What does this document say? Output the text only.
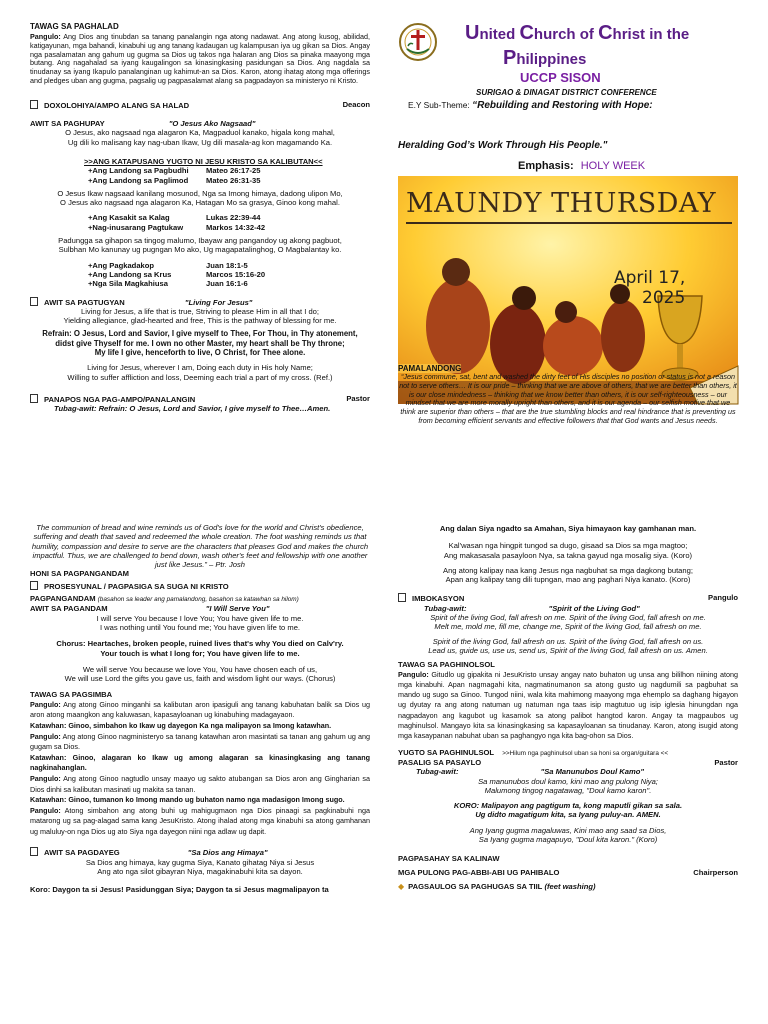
TAWAG SA PAGHALAD
Pangulo: Ang Dios ang tinubdan sa tanang panalangin nga atong nadawat. Ang atong kusog, abilidad, katigayunan, mga bahandi, kinabuhi ug ang tanang kadaugan ug kalampusan iya ug gikan sa Dios. Angay nga pasalamatan ang gahum ug gugma sa Dios ug takos nga halaran ang Dios sa pinaka maayong mga butang. Ang nagahalad sa iyang kaugalingon sa kinasingkasing pasidungan sa Dios. Ang nagdala sa tinudanay sa iyang Ikapulo panalanginan ug kahimut-an sa Dios. Karon, atong ihatag atong mga offerings and pledges uban ang gugma, pagsalig ug pagpasalamat alang sa pagpadayon sa ministeryo ni Kristo.
DOXOLOHIYA/AMPO ALANG SA HALAD	Deacon
AWIT SA PAGHUPAY	"O Jesus Ako Nagsaad"
O Jesus, ako nagsaad nga alagaron Ka, Magpaduol kanako, higala kong mahal,
Ug dili ko malisang kay nag-uban Ikaw, Ug dili masala-ag kon magamando Ka.
>>ANG KATAPUSANG YUGTO NI JESU KRISTO SA KALIBUTAN<<
+Ang Landong sa Pagbudhi Mateo 26:17-25
+Ang Landong sa Paglimod Mateo 26:31-35
O Jesus Ikaw nagsaad kanilang mosunod, Nga sa Imong himaya, dadong ulipon Mo,
O Jesus ako nagsaad nga alagaron Ka, Hatagan Mo sa grasya, Ginoo kong mahal.
+Ang Kasakit sa Kalag	Lukas 22:39-44
+Nag-inusarang Pagtukaw	Markos 14:32-42
Padungga sa gihapon sa tingog malumo, Ibayaw ang pangandoy ug akong pagbuot,
Sulbhan Mo kanunay ug pugngan Mo ako, Ug magapatalinghog, O Magbalantay ko.
+Ang Pagkadakop	Juan 18:1-5
+Ang Landong sa Krus	Marcos 15:16-20
+Nga Sila Magkahiusa	Juan 16:1-6
AWIT SA PAGTUGYAN	"Living For Jesus"
Living for Jesus, a life that is true, Striving to please Him in all that I do;
Yielding allegiance, glad-hearted and free, This is the pathway of blessing for me.
Refrain: O Jesus, Lord and Savior, I give myself to Thee, For Thou, in Thy atonement,
didst give Thyself for me. I own no other Master, my heart shall be Thy throne;
My life I give, henceforth to live, O Christ, for Thee alone.
Living for Jesus, wherever I am, Doing each duty in His holy Name;
Willing to suffer affliction and loss, Deeming each trial a part of my cross. (Ref.)
PANAPOS NGA PAG-AMPO/PANALANGIN	Pastor
Tubag-awit: Refrain: O Jesus, Lord and Savior, I give myself to Thee…Amen.
United Church of Christ in the
Philippines
UCCP SISON
SURIGAO & DINAGAT DISTRICT CONFERENCE
E.Y Sub-Theme: “Rebuilding and Restoring with Hope:
Heralding God’s Work Through His People."
Emphasis: HOLY WEEK
MAUNDY THURSDAY
April 17,
PAMALANDONG
“Jesus commune, sat, bent and washed the dirty feet of His disciples no position or status is not a reason not to serve others… It is our pride – thinking that we are above of others, that we are better than others, it is our close mindedness – thinking that we know better than others, it is our self-righteousness – our mindset that we are more morally upright than others, and it is our agenda – our selfish motive that we think are superior than others – that are the true stumbling blocks and real hindrance that is preventing us from becoming efficient servants and effective followers that that God wants and Jesus needs.
The communion of bread and wine reminds us of God's love for the world and Christ's obedience, suffering and death that saved and redeemed the whole creation. The foot washing reminds us that humility, compassion and desire to serve are the characters that pleases God and makes the church impactful. Thus, we are challenged to bend down, wash other's feet and fellowship with one another just like Jesus.” – Ptr. Josh
HONI SA PAGPANGANDAM
PROSESYUNAL / PAGPASIGA SA SUGA NI KRISTO
PAGPANGANDAM (basahon sa leader ang pamalandong, basahon sa katawhan sa hilom)
AWIT SA PAGANDAM	"I Will Serve You"
I will serve You because I love You; You have given life to me.
I was nothing until You found me; You have given life to me.
Chorus: Heartaches, broken people, ruined lives that's why You died on Calv'ry.
Your touch is what I long for; You have given life to me.
We will serve You because we love You, You have chosen each of us,
We will use Lord the gifts you gave us, faith and wisdom light our ways. (Chorus)
TAWAG SA PAGSIMBA
Pangulo: Ang atong Ginoo minganhi sa kalibutan aron ipasiguli ang tanang kabuhatan balik sa Dios ug aron atong maangkon ang kaluwasan, kapasayloanan ug kinabuhing madagayaon.
Katawhan: Ginoo, simbahon ko Ikaw ug dayegon Ka nga malipayon sa Imong katawhan.
Pangulo: Ang atong Ginoo nagministeryo sa tanang katawhan aron masintati sa tanan ang gahum ug ang gugam sa Dios.
Katawhan: Ginoo, alagaran ko Ikaw ug among alagaran sa kinasingkasing ang tanang nagkinahanglan.
Pangulo: Ang atong Ginoo nagtudlo unsay maayo ug sakto atubangan sa Dios aron ang Gingharian sa Dios dinhi sa kalibutan masinati ug makita sa tanan.
Katawhan: Ginoo, tumanon ko Imong mando ug buhaton namo nga madasigon Imong sugo.
Pangulo: Atong simbahon ang atong buhi ug mahigugmaon nga Dios pinaagi sa pagkinabuhi nga matarong ug sa pag-alagad sama kang JesuKristo. Atong ihalad atong mga kinabuhi sa atong gamhanan ug maluluy-on nga Dios ug ato Siya nga dayegon niini nga adlaw ug dapit.
AWIT SA PAGDAYEG	"Sa Dios ang Himaya"
Sa Dios ang himaya, kay gugma Siya, Kanato gihatag Niya si Jesus
Ang ato nga silot gibayran Niya, magakinabuhi kita sa dayon.
Koro: Daygon ta si Jesus! Pasidunggan Siya; Daygon ta si Jesus magmalipayon ta
Ang dalan Siya ngadto sa Amahan, Siya himayaon kay gamhanan man.
Kal'wasan nga hingpit tungod sa dugo, gisaad sa Dios sa mga magtoo;
Ang makasasala pasayloon Nya, sa takna gayud nga mosalig siya. (Koro)
Ang atong kalipay naa kang Jesus nga nagbuhat sa mga dagkong butang;
Apan ang kalipay tang dili tupngan, mao ang paghari Niya kanato. (Koro)
IMBOKASYON	Pangulo
Tubag-awit:	"Spirit of the Living God"
Spirit of the living God, fall afresh on me. Spirit of the living God, fall afresh on me.
Melt me, mold me, fill me, change me, Spirit of the living God, fall afresh on me.
Spirit of the living God, fall afresh on us. Spirit of the living God, fall afresh on us.
Lead us, guide us, use us, send us, Spirit of the living God, fall afresh on us. Amen.
TAWAG SA PAGHINOLSOL
Pangulo: Gitudlo ug gipakita ni JesuKristo unsay angay nato buhaton ug unsa ang bililhon niining atong mga kinabuhi. Apan nagmagahi kita, nagmatinumanon sa atong gusto ug nagdumili sa pagbuhat sa mando ug sugo sa Ginoo. Tungod niini, wala kita mahimong maayong mga ehemplo sa daghang higayon ug dyutay ra ang atong natuman ug natuman nga taas isip magtutuo ug isip iglesia hinungdan nga nagpadayon ang kagubot ug kasamok sa atong palibot hangtod karon. Angay ta magpaubos ug maghinulsol. Mangayo kita sa kinasingkasing sa kapasayloanan sa tinudanay. Karon, atong isugid atong mga kasaypanan nabuhat uban sa paghangyo nga kita bag-ohon sa Dios.
YUGTO SA PAGHINULSOL >>Hilum nga paghinulsol uban sa honi sa organ/guitara <<
PASALIG SA PASAYLO	Pastor
Tubag-awit:	"Sa Manunubos Doul Kamo"
Sa manunubos doul kamo, kini mao ang pulong Niya;
Malumong tingog nagatawag, "Doul kamo karon".
KORO: Malipayon ang pagtigum ta, kong maputli gikan sa sala.
Ug didto magatigum kita, sa Iyang puluy-an. AMEN.
Ang Iyang gugma magaluwas, Kini mao ang saad sa Dios,
Sa Iyang gugma magapuyo, "Doul kita karon." (Koro)
PAGPASAHAY SA KALINAW
MGA PULONG PAG-ABBI-ABI UG PAHIBALO	Chairperson
◆ PAGSAULOG SA PAGHUGAS SA TIIL (feet washing)
